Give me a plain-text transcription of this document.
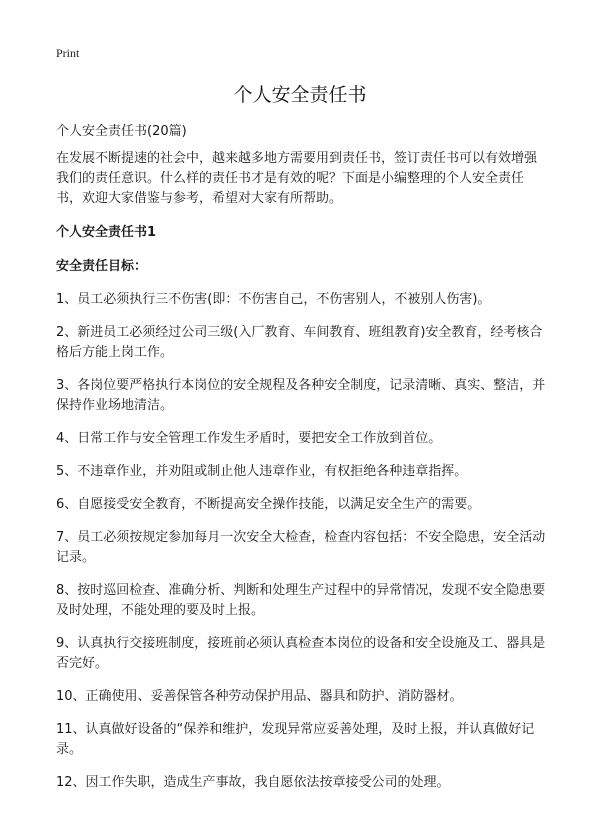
Print
个人安全责任书

个人安全责任书(20篇)

在发展不断提速的社会中，越来越多地方需要用到责任书，签订责任书可以有效增强我们的责任意识。什么样的责任书才是有效的呢？下面是小编整理的个人安全责任书，欢迎大家借鉴与参考，希望对大家有所帮助。

个人安全责任书1

安全责任目标：

1、员工必须执行三不伤害(即：不伤害自己，不伤害别人，不被别人伤害)。
2、新进员工必须经过公司三级(入厂教育、车间教育、班组教育)安全教育，经考核合格后方能上岗工作。
3、各岗位要严格执行本岗位的安全规程及各种安全制度，记录清晰、真实、整洁，并保持作业场地清洁。
4、日常工作与安全管理工作发生矛盾时，要把安全工作放到首位。
5、不违章作业，并劝阻或制止他人违章作业，有权拒绝各种违章指挥。
6、自愿接受安全教育，不断提高安全操作技能，以满足安全生产的需要。
7、员工必须按规定参加每月一次安全大检查，检查内容包括：不安全隐患，安全活动记录。
8、按时巡回检查、准确分析、判断和处理生产过程中的异常情况，发现不安全隐患要及时处理，不能处理的要及时上报。
9、认真执行交接班制度，接班前必须认真检查本岗位的设备和安全设施及工、器具是否完好。
10、正确使用、妥善保管各种劳动保护用品、器具和防护、消防器材。
11、认真做好设备的“保养和维护，发现异常应妥善处理，及时上报，并认真做好记录。
12、因工作失职，造成生产事故，我自愿依法按章接受公司的处理。
